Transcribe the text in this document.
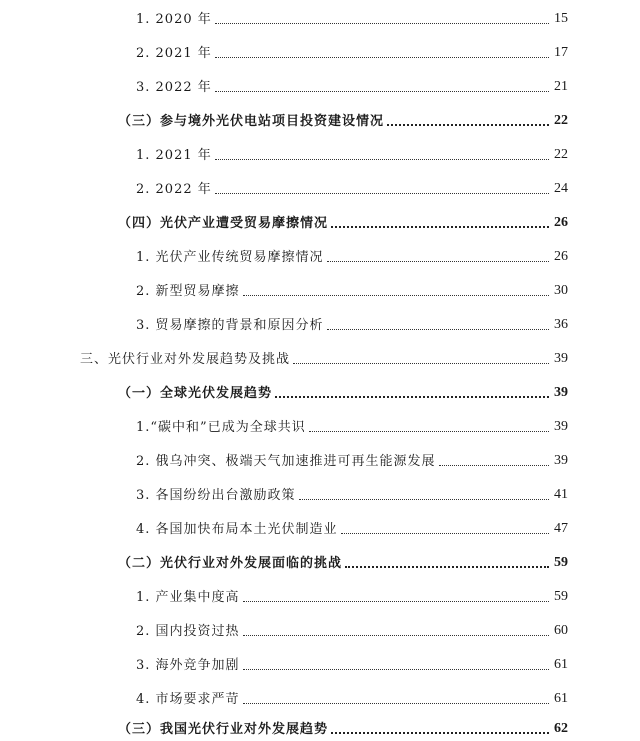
1. 2020 年	15
2. 2021 年	17
3. 2022 年	21
（三）参与境外光伏电站项目投资建设情况	22
1. 2021 年	22
2. 2022 年	24
（四）光伏产业遭受贸易摩擦情况	26
1. 光伏产业传统贸易摩擦情况	26
2. 新型贸易摩擦	30
3. 贸易摩擦的背景和原因分析	36
三、光伏行业对外发展趋势及挑战	39
（一）全球光伏发展趋势	39
1.“碳中和”已成为全球共识	39
2. 俄乌冲突、极端天气加速推进可再生能源发展	39
3. 各国纷纷出台激励政策	41
4. 各国加快布局本土光伏制造业	47
（二）光伏行业对外发展面临的挑战	59
1. 产业集中度高	59
2. 国内投资过热	60
3. 海外竞争加剧	61
4. 市场要求严苛	61
（三）我国光伏行业对外发展趋势	62
